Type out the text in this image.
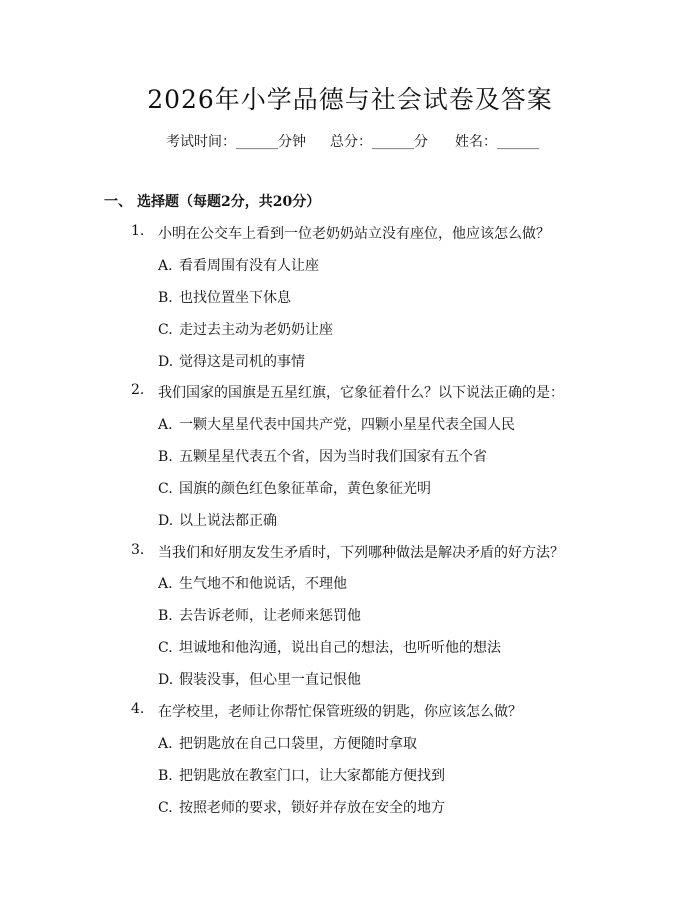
2026年小学品德与社会试卷及答案
考试时间：______分钟 总分：______分 姓名：______
一、 选择题（每题2分，共20分）
1. 小明在公交车上看到一位老奶奶站立没有座位，他应该怎么做？
A. 看看周围有没有人让座
B. 也找位置坐下休息
C. 走过去主动为老奶奶让座
D. 觉得这是司机的事情
2. 我们国家的国旗是五星红旗，它象征着什么？以下说法正确的是：
A. 一颗大星星代表中国共产党，四颗小星星代表全国人民
B. 五颗星星代表五个省，因为当时我们国家有五个省
C. 国旗的颜色红色象征革命，黄色象征光明
D. 以上说法都正确
3. 当我们和好朋友发生矛盾时，下列哪种做法是解决矛盾的好方法？
A. 生气地不和他说话，不理他
B. 去告诉老师，让老师来惩罚他
C. 坦诚地和他沟通，说出自己的想法，也听听他的想法
D. 假装没事，但心里一直记恨他
4. 在学校里，老师让你帮忙保管班级的钥匙，你应该怎么做？
A. 把钥匙放在自己口袋里，方便随时拿取
B. 把钥匙放在教室门口，让大家都能方便找到
C. 按照老师的要求，锁好并存放在安全的地方
